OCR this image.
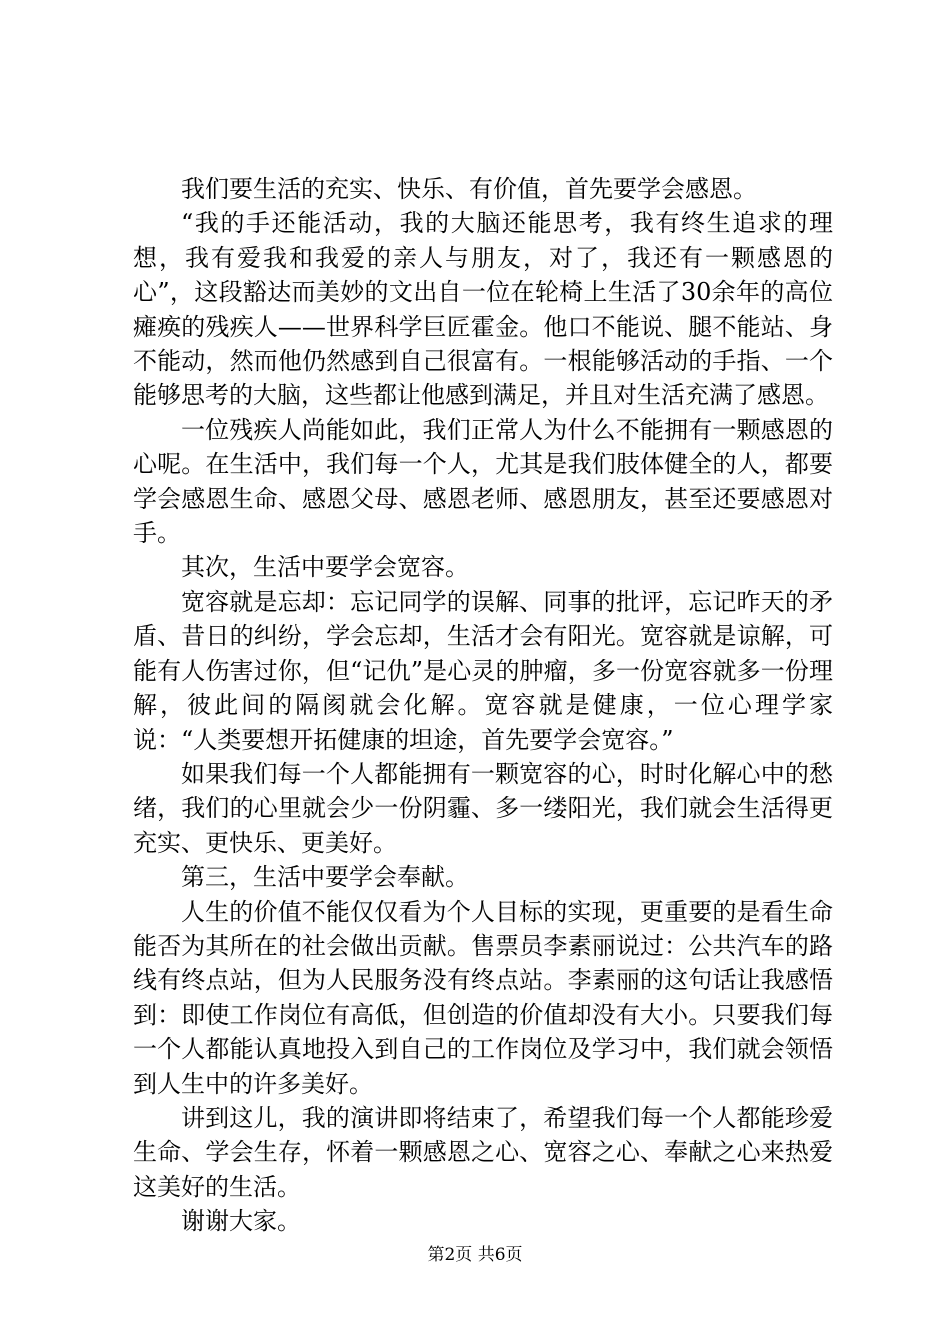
我们要生活的充实、快乐、有价值，首先要学会感恩。

“我的手还能活动，我的大脑还能思考，我有终生追求的理想，我有爱我和我爱的亲人与朋友，对了，我还有一颗感恩的心”，这段豁达而美妙的文出自一位在轮椅上生活了30余年的高位瘫痪的残疾人——世界科学巨匠霍金。他口不能说、腿不能站、身不能动，然而他仍然感到自己很富有。一根能够活动的手指、一个能够思考的大脑，这些都让他感到满足，并且对生活充满了感恩。

一位残疾人尚能如此，我们正常人为什么不能拥有一颗感恩的心呢。在生活中，我们每一个人，尤其是我们肢体健全的人，都要学会感恩生命、感恩父母、感恩老师、感恩朋友，甚至还要感恩对手。

其次，生活中要学会宽容。

宽容就是忘却：忘记同学的误解、同事的批评，忘记昨天的矛盾、昔日的纠纷，学会忘却，生活才会有阳光。宽容就是谅解，可能有人伤害过你，但“记仇”是心灵的肿瘤，多一份宽容就多一份理解，彼此间的隔阂就会化解。宽容就是健康，一位心理学家说：“人类要想开拓健康的坦途，首先要学会宽容。”

如果我们每一个人都能拥有一颗宽容的心，时时化解心中的愁绪，我们的心里就会少一份阴霾、多一缕阳光，我们就会生活得更充实、更快乐、更美好。

第三，生活中要学会奉献。

人生的价值不能仅仅看为个人目标的实现，更重要的是看生命能否为其所在的社会做出贡献。售票员李素丽说过：公共汽车的路线有终点站，但为人民服务没有终点站。李素丽的这句话让我感悟到：即使工作岗位有高低，但创造的价值却没有大小。只要我们每一个人都能认真地投入到自己的工作岗位及学习中，我们就会领悟到人生中的许多美好。

讲到这儿，我的演讲即将结束了，希望我们每一个人都能珍爱生命、学会生存，怀着一颗感恩之心、宽容之心、奉献之心来热爱这美好的生活。

谢谢大家。

第2页 共6页
